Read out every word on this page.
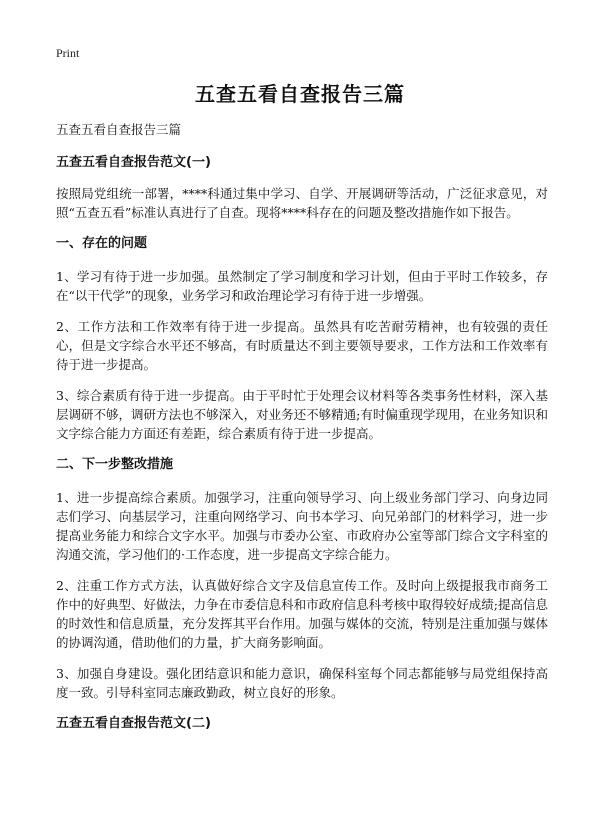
Print
五查五看自查报告三篇

五查五看自查报告三篇

五查五看自查报告范文(一)

按照局党组统一部署，****科通过集中学习、自学、开展调研等活动，广泛征求意见，对照“五查五看”标准认真进行了自查。现将****科存在的问题及整改措施作如下报告。

一、存在的问题

1、学习有待于进一步加强。虽然制定了学习制度和学习计划，但由于平时工作较多，存在“以干代学”的现象，业务学习和政治理论学习有待于进一步增强。

2、工作方法和工作效率有待于进一步提高。虽然具有吃苦耐劳精神，也有较强的责任心，但是文字综合水平还不够高，有时质量达不到主要领导要求，工作方法和工作效率有待于进一步提高。

3、综合素质有待于进一步提高。由于平时忙于处理会议材料等各类事务性材料，深入基层调研不够，调研方法也不够深入，对业务还不够精通;有时偏重现学现用，在业务知识和文字综合能力方面还有差距，综合素质有待于进一步提高。

二、下一步整改措施

1、进一步提高综合素质。加强学习，注重向领导学习、向上级业务部门学习、向身边同志们学习、向基层学习，注重向网络学习、向书本学习、向兄弟部门的材料学习，进一步提高业务能力和综合文字水平。加强与市委办公室、市政府办公室等部门综合文字科室的沟通交流，学习他们的·工作态度，进一步提高文字综合能力。

2、注重工作方式方法，认真做好综合文字及信息宣传工作。及时向上级提报我市商务工作中的好典型、好做法，力争在市委信息科和市政府信息科考核中取得较好成绩;提高信息的时效性和信息质量，充分发挥其平台作用。加强与媒体的交流，特别是注重加强与媒体的协调沟通，借助他们的力量，扩大商务影响面。

3、加强自身建设。强化团结意识和能力意识，确保科室每个同志都能够与局党组保持高度一致。引导科室同志廉政勤政，树立良好的形象。

五查五看自查报告范文(二)
